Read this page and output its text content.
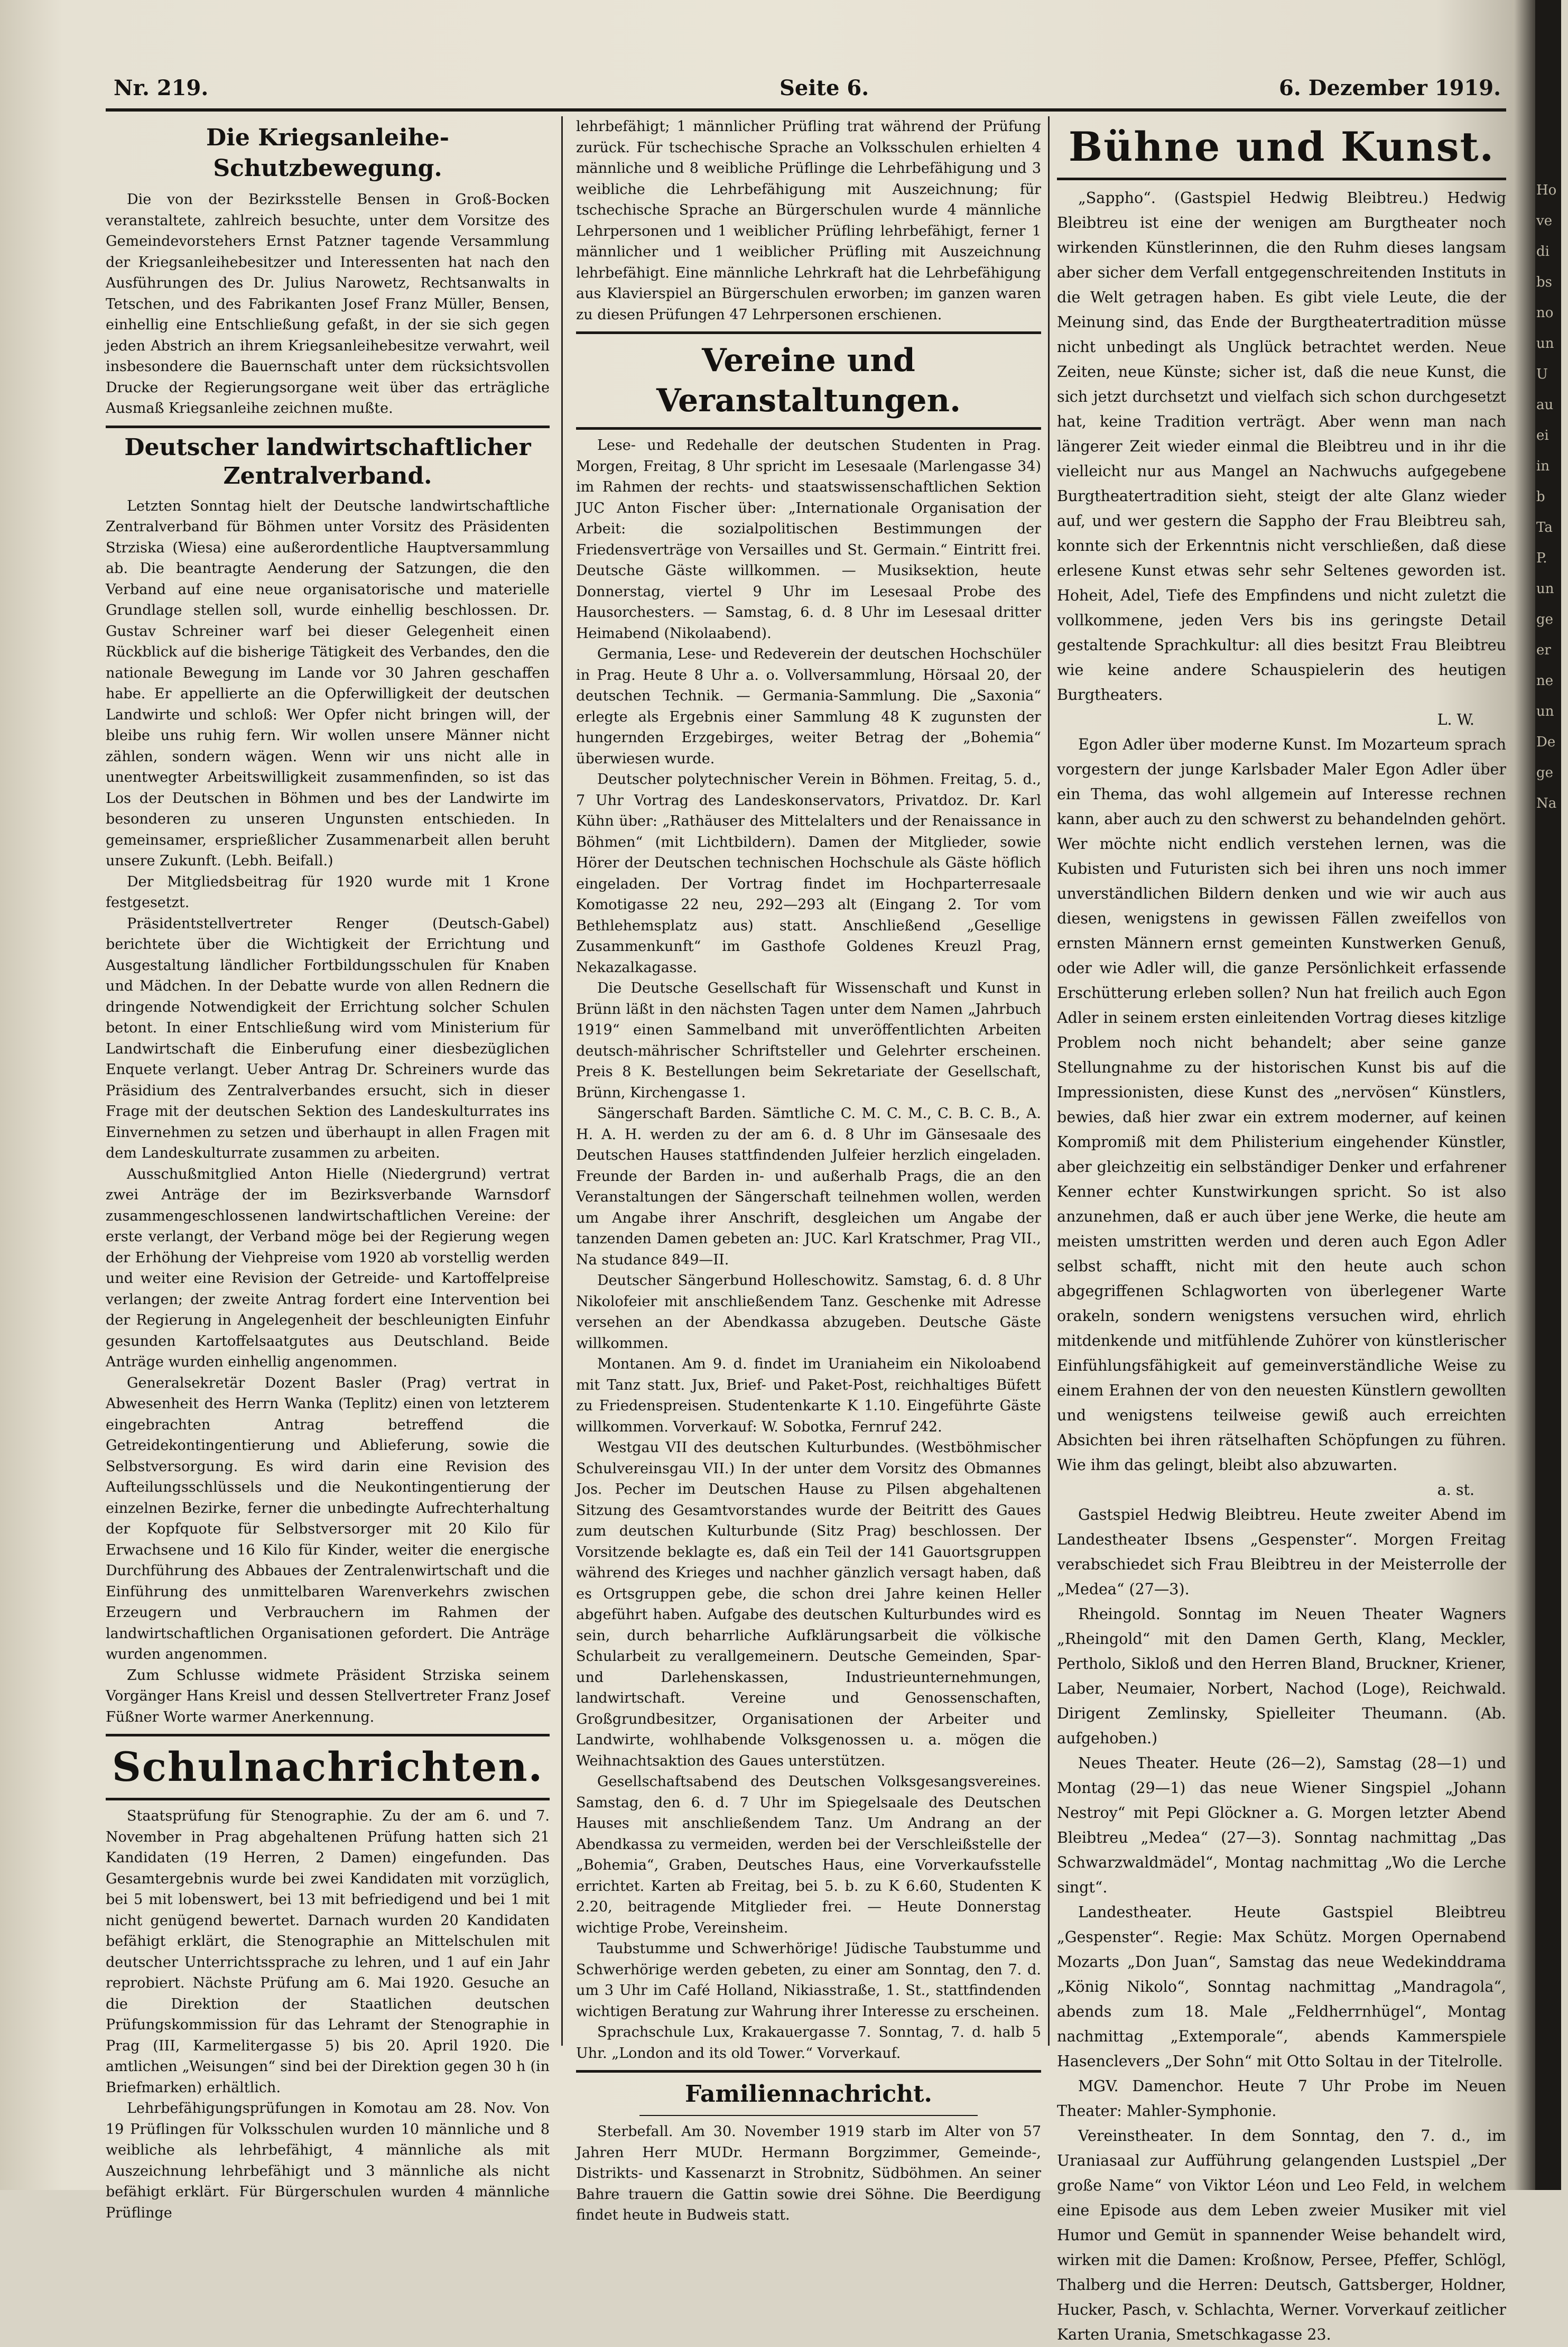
Nr. 219.	Seite 6.	6. Dezember 1919.
Die Kriegsanleihe-Schutzbewegung.

Die von der Bezirksstelle Bensen in Groß-Bocken veranstaltete, zahlreich besuchte, unter dem Vorsitze des Gemeindevorstehers Ernst Patzner tagende Versammlung der Kriegsanleihebesitzer und Interessenten hat nach den Ausführungen des Dr. Julius Narowetz, Rechtsanwalts in Tetschen, und des Fabrikanten Josef Franz Müller, Bensen, einhellig eine Entschließung gefaßt, in der sie sich gegen jeden Abstrich an ihrem Kriegsanleihebesitze verwahrt, weil insbesondere die Bauernschaft unter dem rücksichtsvollen Drucke der Regierungsorgane weit über das erträgliche Ausmaß Kriegsanleihe zeichnen mußte.

Deutscher landwirtschaftlicher Zentralverband.

Letzten Sonntag hielt der Deutsche landwirtschaftliche Zentralverband für Böhmen unter Vorsitz des Präsidenten Strziska (Wiesa) eine außerordentliche Hauptversammlung ab. Die beantragte Aenderung der Satzungen, die den Verband auf eine neue organisatorische und materielle Grundlage stellen soll, wurde einhellig beschlossen. Dr. Gustav Schreiner warf bei dieser Gelegenheit einen Rückblick auf die bisherige Tätigkeit des Verbandes, den die nationale Bewegung im Lande vor 30 Jahren geschaffen habe. Er appellierte an die Opferwilligkeit der deutschen Landwirte und schloß: Wer Opfer nicht bringen will, der bleibe uns ruhig fern. Wir wollen unsere Männer nicht zählen, sondern wägen. Wenn wir uns nicht alle in unentwegter Arbeitswilligkeit zusammenfinden, so ist das Los der Deutschen in Böhmen und bes der Landwirte im besonderen zu unseren Ungunsten entschieden. In gemeinsamer, ersprießlicher Zusammenarbeit allen beruht unsere Zukunft. (Lebh. Beifall.)

Der Mitgliedsbeitrag für 1920 wurde mit 1 Krone festgesetzt.

Präsidentstellvertreter Renger (Deutsch-Gabel) berichtete über die Wichtigkeit der Errichtung und Ausgestaltung ländlicher Fortbildungsschulen für Knaben und Mädchen. In der Debatte wurde von allen Rednern die dringende Notwendigkeit der Errichtung solcher Schulen betont. In einer Entschließung wird vom Ministerium für Landwirtschaft die Einberufung einer diesbezüglichen Enquete verlangt. Ueber Antrag Dr. Schreiners wurde das Präsidium des Zentralverbandes ersucht, sich in dieser Frage mit der deutschen Sektion des Landeskulturrates ins Einvernehmen zu setzen und überhaupt in allen Fragen mit dem Landeskulturrate zusammen zu arbeiten.

Ausschußmitglied Anton Hielle (Niedergrund) vertrat zwei Anträge der im Bezirksverbande Warnsdorf zusammengeschlossenen landwirtschaftlichen Vereine: der erste verlangt, der Verband möge bei der Regierung wegen der Erhöhung der Viehpreise vom 1920 ab vorstellig werden und weiter eine Revision der Getreide- und Kartoffelpreise verlangen; der zweite Antrag fordert eine Intervention bei der Regierung in Angelegenheit der beschleunigten Einfuhr gesunden Kartoffelsaatgutes aus Deutschland. Beide Anträge wurden einhellig angenommen.

Generalsekretär Dozent Basler (Prag) vertrat in Abwesenheit des Herrn Wanka (Teplitz) einen von letzterem eingebrachten Antrag betreffend die Getreidekontingentierung und Ablieferung, sowie die Selbstversorgung. Es wird darin eine Revision des Aufteilungsschlüssels und die Neukontingentierung der einzelnen Bezirke, ferner die unbedingte Aufrechterhaltung der Kopfquote für Selbstversorger mit 20 Kilo für Erwachsene und 16 Kilo für Kinder, weiter die energische Durchführung des Abbaues der Zentralenwirtschaft und die Einführung des unmittelbaren Warenverkehrs zwischen Erzeugern und Verbrauchern im Rahmen der landwirtschaftlichen Organisationen gefordert. Die Anträge wurden angenommen.

Zum Schlusse widmete Präsident Strziska seinem Vorgänger Hans Kreisl und dessen Stellvertreter Franz Josef Füßner Worte warmer Anerkennung.

Schulnachrichten.

Staatsprüfung für Stenographie. Zu der am 6. und 7. November in Prag abgehaltenen Prüfung hatten sich 21 Kandidaten (19 Herren, 2 Damen) eingefunden. Das Gesamtergebnis wurde bei zwei Kandidaten mit vorzüglich, bei 5 mit lobenswert, bei 13 mit befriedigend und bei 1 mit nicht genügend bewertet. Darnach wurden 20 Kandidaten befähigt erklärt, die Stenographie an Mittelschulen mit deutscher Unterrichtssprache zu lehren, und 1 auf ein Jahr reprobiert. Nächste Prüfung am 6. Mai 1920. Gesuche an die Direktion der Staatlichen deutschen Prüfungskommission für das Lehramt der Stenographie in Prag (III, Karmelitergasse 5) bis 20. April 1920. Die amtlichen „Weisungen“ sind bei der Direktion gegen 30 h (in Briefmarken) erhältlich.

Lehrbefähigungsprüfungen in Komotau am 28. Nov. Von 19 Prüflingen für Volksschulen wurden 10 männliche und 8 weibliche als lehrbefähigt, 4 männliche als mit Auszeichnung lehrbefähigt und 3 männliche als nicht befähigt erklärt. Für Bürgerschulen wurden 4 männliche Prüflinge

lehrbefähigt; 1 männlicher Prüfling trat während der Prüfung zurück. Für tschechische Sprache an Volksschulen erhielten 4 männliche und 8 weibliche Prüflinge die Lehrbefähigung und 3 weibliche die Lehrbefähigung mit Auszeichnung; für tschechische Sprache an Bürgerschulen wurde 4 männliche Lehrpersonen und 1 weiblicher Prüfling lehrbefähigt, ferner 1 männlicher und 1 weiblicher Prüfling mit Auszeichnung lehrbefähigt. Eine männliche Lehrkraft hat die Lehrbefähigung aus Klavierspiel an Bürgerschulen erworben; im ganzen waren zu diesen Prüfungen 47 Lehrpersonen erschienen.

Vereine und Veranstaltungen.

Lese- und Redehalle der deutschen Studenten in Prag. Morgen, Freitag, 8 Uhr spricht im Lesesaale (Marlengasse 34) im Rahmen der rechts- und staatswissenschaftlichen Sektion JUC Anton Fischer über: „Internationale Organisation der Arbeit: die sozialpolitischen Bestimmungen der Friedensverträge von Versailles und St. Germain.“ Eintritt frei. Deutsche Gäste willkommen. — Musiksektion, heute Donnerstag, viertel 9 Uhr im Lesesaal Probe des Hausorchesters. — Samstag, 6. d. 8 Uhr im Lesesaal dritter Heimabend (Nikolaabend).

Germania, Lese- und Redeverein der deutschen Hochschüler in Prag. Heute 8 Uhr a. o. Vollversammlung, Hörsaal 20, der deutschen Technik. — Germania-Sammlung. Die „Saxonia“ erlegte als Ergebnis einer Sammlung 48 K zugunsten der hungernden Erzgebirges, weiter Betrag der „Bohemia“ überwiesen wurde.

Deutscher polytechnischer Verein in Böhmen. Freitag, 5. d., 7 Uhr Vortrag des Landeskonservators, Privatdoz. Dr. Karl Kühn über: „Rathäuser des Mittelalters und der Renaissance in Böhmen“ (mit Lichtbildern). Damen der Mitglieder, sowie Hörer der Deutschen technischen Hochschule als Gäste höflich eingeladen. Der Vortrag findet im Hochparterresaale Komotigasse 22 neu, 292—293 alt (Eingang 2. Tor vom Bethlehemsplatz aus) statt. Anschließend „Gesellige Zusammenkunft“ im Gasthofe Goldenes Kreuzl Prag, Nekazalkagasse.

Die Deutsche Gesellschaft für Wissenschaft und Kunst in Brünn läßt in den nächsten Tagen unter dem Namen „Jahrbuch 1919“ einen Sammelband mit unveröffentlichten Arbeiten deutsch-mährischer Schriftsteller und Gelehrter erscheinen. Preis 8 K. Bestellungen beim Sekretariate der Gesellschaft, Brünn, Kirchengasse 1.

Sängerschaft Barden. Sämtliche C. M. C. M., C. B. C. B., A. H. A. H. werden zu der am 6. d. 8 Uhr im Gänsesaale des Deutschen Hauses stattfindenden Julfeier herzlich eingeladen. Freunde der Barden in- und außerhalb Prags, die an den Veranstaltungen der Sängerschaft teilnehmen wollen, werden um Angabe ihrer Anschrift, desgleichen um Angabe der tanzenden Damen gebeten an: JUC. Karl Kratschmer, Prag VII., Na studance 849—II.

Deutscher Sängerbund Holleschowitz. Samstag, 6. d. 8 Uhr Nikolofeier mit anschließendem Tanz. Geschenke mit Adresse versehen an der Abendkassa abzugeben. Deutsche Gäste willkommen.

Montanen. Am 9. d. findet im Uraniaheim ein Nikoloabend mit Tanz statt. Jux, Brief- und Paket-Post, reichhaltiges Büfett zu Friedenspreisen. Studentenkarte K 1.10. Eingeführte Gäste willkommen. Vorverkauf: W. Sobotka, Fernruf 242.

Westgau VII des deutschen Kulturbundes. (Westböhmischer Schulvereinsgau VII.) In der unter dem Vorsitz des Obmannes Jos. Pecher im Deutschen Hause zu Pilsen abgehaltenen Sitzung des Gesamtvorstandes wurde der Beitritt des Gaues zum deutschen Kulturbunde (Sitz Prag) beschlossen. Der Vorsitzende beklagte es, daß ein Teil der 141 Gauortsgruppen während des Krieges und nachher gänzlich versagt haben, daß es Ortsgruppen gebe, die schon drei Jahre keinen Heller abgeführt haben. Aufgabe des deutschen Kulturbundes wird es sein, durch beharrliche Aufklärungsarbeit die völkische Schularbeit zu verallgemeinern. Deutsche Gemeinden, Spar- und Darlehenskassen, Industrieunternehmungen, landwirtschaft. Vereine und Genossenschaften, Großgrundbesitzer, Organisationen der Arbeiter und Landwirte, wohlhabende Volksgenossen u. a. mögen die Weihnachtsaktion des Gaues unterstützen.

Gesellschaftsabend des Deutschen Volksgesangsvereines. Samstag, den 6. d. 7 Uhr im Spiegelsaale des Deutschen Hauses mit anschließendem Tanz. Um Andrang an der Abendkassa zu vermeiden, werden bei der Verschleißstelle der „Bohemia“, Graben, Deutsches Haus, eine Vorverkaufsstelle errichtet. Karten ab Freitag, bei 5. b. zu K 6.60, Studenten K 2.20, beitragende Mitglieder frei. — Heute Donnerstag wichtige Probe, Vereinsheim.

Taubstumme und Schwerhörige! Jüdische Taubstumme und Schwerhörige werden gebeten, zu einer am Sonntag, den 7. d. um 3 Uhr im Café Holland, Nikiasstraße, 1. St., stattfindenden wichtigen Beratung zur Wahrung ihrer Interesse zu erscheinen.

Sprachschule Lux, Krakauergasse 7. Sonntag, 7. d. halb 5 Uhr. „London and its old Tower.“ Vorverkauf.

Familiennachricht.

Sterbefall. Am 30. November 1919 starb im Alter von 57 Jahren Herr MUDr. Hermann Borgzimmer, Gemeinde-, Distrikts- und Kassenarzt in Strobnitz, Südböhmen. An seiner Bahre trauern die Gattin sowie drei Söhne. Die Beerdigung findet heute in Budweis statt.

Bühne und Kunst.

„Sappho“. (Gastspiel Hedwig Bleibtreu.) Hedwig Bleibtreu ist eine der wenigen am Burgtheater noch wirkenden Künstlerinnen, die den Ruhm dieses langsam aber sicher dem Verfall entgegenschreitenden Instituts in die Welt getragen haben. Es gibt viele Leute, die der Meinung sind, das Ende der Burgtheatertradition müsse nicht unbedingt als Unglück betrachtet werden. Neue Zeiten, neue Künste; sicher ist, daß die neue Kunst, die sich jetzt durchsetzt und vielfach sich schon durchgesetzt hat, keine Tradition verträgt. Aber wenn man nach längerer Zeit wieder einmal die Bleibtreu und in ihr die vielleicht nur aus Mangel an Nachwuchs aufgegebene Burgtheatertradition sieht, steigt der alte Glanz wieder auf, und wer gestern die Sappho der Frau Bleibtreu sah, konnte sich der Erkenntnis nicht verschließen, daß diese erlesene Kunst etwas sehr sehr Seltenes geworden ist. Hoheit, Adel, Tiefe des Empfindens und nicht zuletzt die vollkommene, jeden Vers bis ins geringste Detail gestaltende Sprachkultur: all dies besitzt Frau Bleibtreu wie keine andere Schauspielerin des heutigen Burgtheaters.

L. W.

Egon Adler über moderne Kunst. Im Mozarteum sprach vorgestern der junge Karlsbader Maler Egon Adler über ein Thema, das wohl allgemein auf Interesse rechnen kann, aber auch zu den schwerst zu behandelnden gehört. Wer möchte nicht endlich verstehen lernen, was die Kubisten und Futuristen sich bei ihren uns noch immer unverständlichen Bildern denken und wie wir auch aus diesen, wenigstens in gewissen Fällen zweifellos von ernsten Männern ernst gemeinten Kunstwerken Genuß, oder wie Adler will, die ganze Persönlichkeit erfassende Erschütterung erleben sollen? Nun hat freilich auch Egon Adler in seinem ersten einleitenden Vortrag dieses kitzlige Problem noch nicht behandelt; aber seine ganze Stellungnahme zu der historischen Kunst bis auf die Impressionisten, diese Kunst des „nervösen“ Künstlers, bewies, daß hier zwar ein extrem moderner, auf keinen Kompromiß mit dem Philisterium eingehender Künstler, aber gleichzeitig ein selbständiger Denker und erfahrener Kenner echter Kunstwirkungen spricht. So ist also anzunehmen, daß er auch über jene Werke, die heute am meisten umstritten werden und deren auch Egon Adler selbst schafft, nicht mit den heute auch schon abgegriffenen Schlagworten von überlegener Warte orakeln, sondern wenigstens versuchen wird, ehrlich mitdenkende und mitfühlende Zuhörer von künstlerischer Einfühlungsfähigkeit auf gemeinverständliche Weise zu einem Erahnen der von den neuesten Künstlern gewollten und wenigstens teilweise gewiß auch erreichten Absichten bei ihren rätselhaften Schöpfungen zu führen. Wie ihm das gelingt, bleibt also abzuwarten.

a. st.

Gastspiel Hedwig Bleibtreu. Heute zweiter Abend im Landestheater Ibsens „Gespenster“. Morgen Freitag verabschiedet sich Frau Bleibtreu in der Meisterrolle der „Medea“ (27—3).

Rheingold. Sonntag im Neuen Theater Wagners „Rheingold“ mit den Damen Gerth, Klang, Meckler, Pertholo, Sikloß und den Herren Bland, Bruckner, Kriener, Laber, Neumaier, Norbert, Nachod (Loge), Reichwald. Dirigent Zemlinsky, Spielleiter Theumann. (Ab. aufgehoben.)

Neues Theater. Heute (26—2), Samstag (28—1) und Montag (29—1) das neue Wiener Singspiel „Johann Nestroy“ mit Pepi Glöckner a. G. Morgen letzter Abend Bleibtreu „Medea“ (27—3). Sonntag nachmittag „Das Schwarzwaldmädel“, Montag nachmittag „Wo die Lerche singt“.

Landestheater. Heute Gastspiel Bleibtreu „Gespenster“. Regie: Max Schütz. Morgen Opernabend Mozarts „Don Juan“, Samstag das neue Wedekinddrama „König Nikolo“, Sonntag nachmittag „Mandragola“, abends zum 18. Male „Feldherrnhügel“, Montag nachmittag „Extemporale“, abends Kammerspiele Hasenclevers „Der Sohn“ mit Otto Soltau in der Titelrolle.

MGV. Damenchor. Heute 7 Uhr Probe im Neuen Theater: Mahler-Symphonie.

Vereinstheater. In dem Sonntag, den 7. d., im Uraniasaal zur Aufführung gelangenden Lustspiel „Der große Name“ von Viktor Léon und Leo Feld, in welchem eine Episode aus dem Leben zweier Musiker mit viel Humor und Gemüt in spannender Weise behandelt wird, wirken mit die Damen: Kroßnow, Persee, Pfeffer, Schlögl, Thalberg und die Herren: Deutsch, Gattsberger, Holdner, Hucker, Pasch, v. Schlachta, Werner. Vorverkauf zeitlicher Karten Urania, Smetschkagasse 23.

Ho
ve
di
bs
no
un
U
au
ei
in
b
Ta
P.
un
ge
er
ne
un
De
ge
Na
